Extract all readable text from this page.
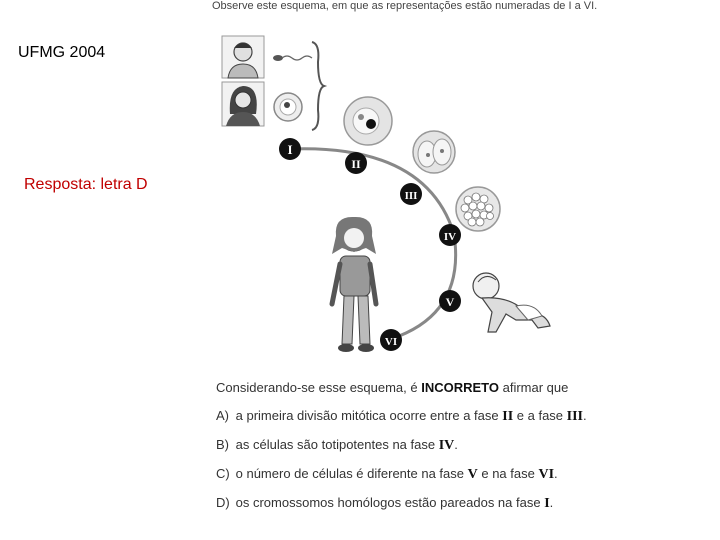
UFMG 2004
Resposta: letra D
Observe este esquema, em que as representações estão numeradas de I a VI.
I
II
III
IV
V
VI

Considerando-se esse esquema, é INCORRETO afirmar que

A) a primeira divisão mitótica ocorre entre a fase II e a fase III.

B) as células são totipotentes na fase IV.

C) o número de células é diferente na fase V e na fase VI.

D) os cromossomos homólogos estão pareados na fase I.
